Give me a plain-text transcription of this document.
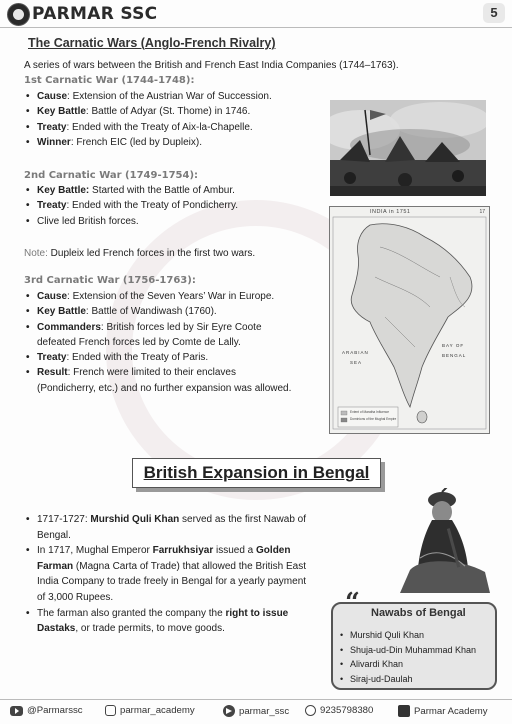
PARMAR SSC	5
The Carnatic Wars (Anglo-French Rivalry)
A series of wars between the British and French East India Companies (1744–1763).
1st Carnatic War (1744-1748):
• Cause: Extension of the Austrian War of Succession.
• Key Battle: Battle of Adyar (St. Thome) in 1746.
• Treaty: Ended with the Treaty of Aix-la-Chapelle.
• Winner: French EIC (led by Dupleix).
2nd Carnatic War (1749-1754):
• Key Battle: Started with the Battle of Ambur.
• Treaty: Ended with the Treaty of Pondicherry.
• Clive led British forces.
Note: Dupleix led French forces in the first two wars.
3rd Carnatic War (1756-1763):
• Cause: Extension of the Seven Years’ War in Europe.
• Key Battle: Battle of Wandiwash (1760).
• Commanders: British forces led by Sir Eyre Coote defeated French forces led by Comte de Lally.
• Treaty: Ended with the Treaty of Paris.
• Result: French were limited to their enclaves (Pondicherry, etc.) and no further expansion was allowed.
INDIA in 1751	17
ARABIAN
SEA
BAY OF
BENGAL
Extent of Maratha Influence
Dominions of the Mughal Empire
British Expansion in Bengal
• 1717-1727: Murshid Quli Khan served as the first Nawab of Bengal.
• In 1717, Mughal Emperor Farrukhsiyar issued a Golden Farman (Magna Carta of Trade) that allowed the British East India Company to trade freely in Bengal for a yearly payment of 3,000 Rupees.
• The farman also granted the company the right to issue Dastaks, or trade permits, to move goods.
“ Nawabs of Bengal
• Murshid Quli Khan
• Shuja-ud-Din Muhammad Khan
• Alivardi Khan
• Siraj-ud-Daulah
@Parmarssc	parmar_academy	parmar_ssc	9235798380	Parmar Academy
